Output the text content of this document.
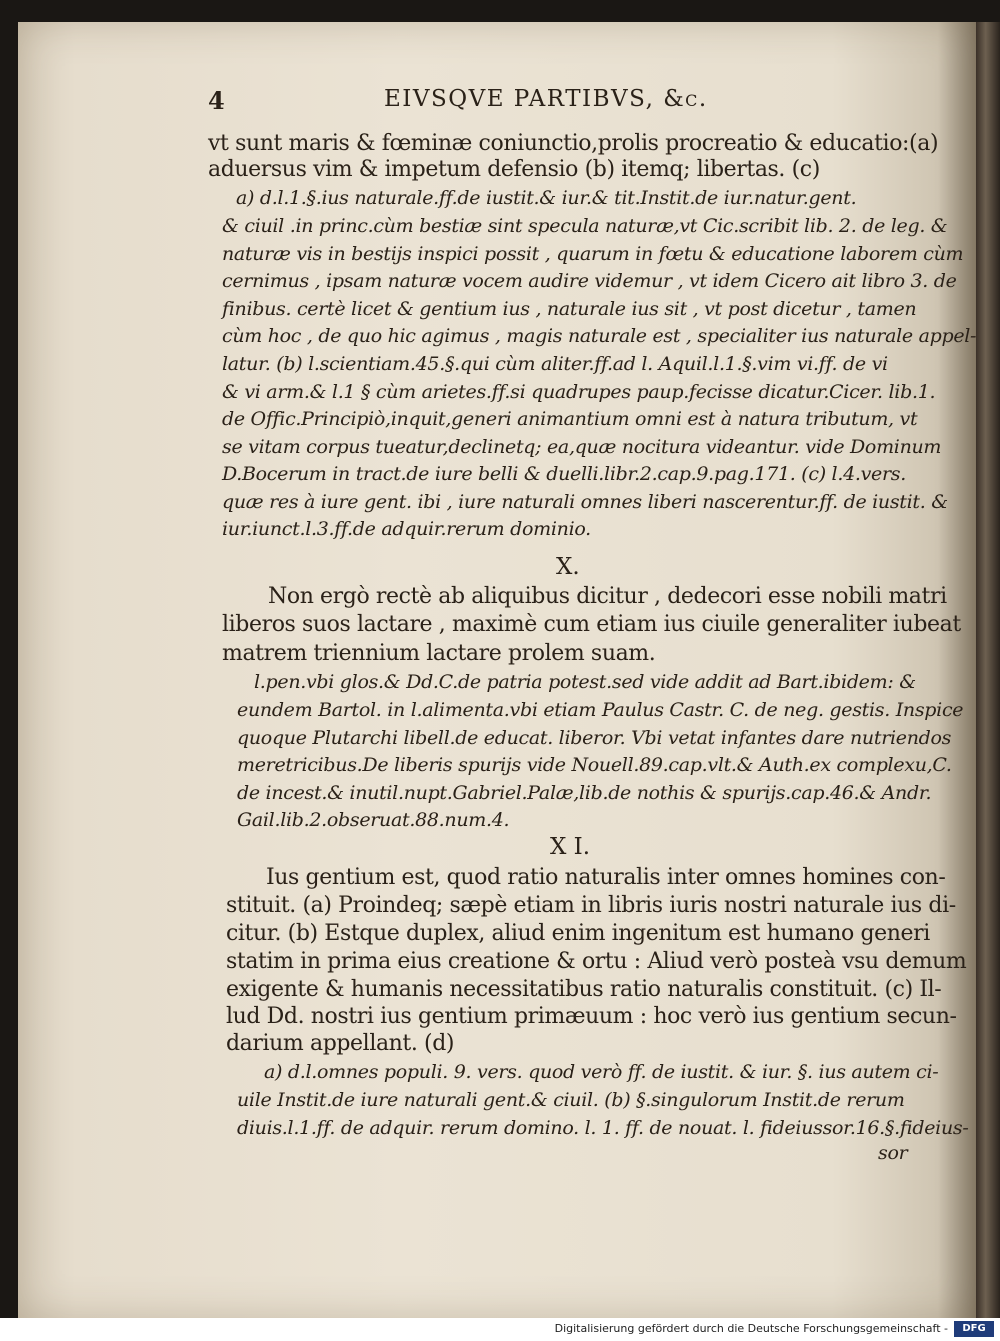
4	EIVSQVE PARTIBVS, &c.
vt sunt maris & fœminæ coniunctio,prolis procreatio & educatio:(a)
aduersus vim & impetum defensio (b) itemq; libertas. (c)
a) d.l.1.§.ius naturale.ff.de iustit.& iur.& tit.Instit.de iur.natur.gent.
& ciuil .in princ.cùm bestiæ sint specula naturæ,vt Cic.scribit lib. 2. de leg. &
naturæ vis in bestijs inspici possit , quarum in fœtu & educatione laborem cùm
cernimus , ipsam naturæ vocem audire videmur , vt idem Cicero ait libro 3. de
finibus. certè licet & gentium ius , naturale ius sit , vt post dicetur , tamen
cùm hoc , de quo hic agimus , magis naturale est , specialiter ius naturale appel-
latur. (b) l.scientiam.45.§.qui cùm aliter.ff.ad l. Aquil.l.1.§.vim vi.ff. de vi
& vi arm.& l.1 § cùm arietes.ff.si quadrupes paup.fecisse dicatur.Cicer. lib.1.
de Offic.Principiò,inquit,generi animantium omni est à natura tributum, vt
se vitam corpus tueatur,declinetq; ea,quæ nocitura videantur. vide Dominum
D.Bocerum in tract.de iure belli & duelli.libr.2.cap.9.pag.171. (c) l.4.vers.
quæ res à iure gent. ibi , iure naturali omnes liberi nascerentur.ff. de iustit. &
iur.iunct.l.3.ff.de adquir.rerum dominio.
X.
Non ergò rectè ab aliquibus dicitur , dedecori esse nobili matri
liberos suos lactare , maximè cum etiam ius ciuile generaliter iubeat
matrem triennium lactare prolem suam.
l.pen.vbi glos.& Dd.C.de patria potest.sed vide addit ad Bart.ibidem: &
eundem Bartol. in l.alimenta.vbi etiam Paulus Castr. C. de neg. gestis. Inspice
quoque Plutarchi libell.de educat. liberor. Vbi vetat infantes dare nutriendos
meretricibus.De liberis spurijs vide Nouell.89.cap.vlt.& Auth.ex complexu,C.
de incest.& inutil.nupt.Gabriel.Palæ,lib.de nothis & spurijs.cap.46.& Andr.
Gail.lib.2.obseruat.88.num.4.
X I.
Ius gentium est, quod ratio naturalis inter omnes homines con-
stituit. (a) Proindeq; sæpè etiam in libris iuris nostri naturale ius di-
citur. (b) Estque duplex, aliud enim ingenitum est humano generi
statim in prima eius creatione & ortu : Aliud verò posteà vsu demum
exigente & humanis necessitatibus ratio naturalis constituit. (c) Il-
lud Dd. nostri ius gentium primæuum : hoc verò ius gentium secun-
darium appellant. (d)
a) d.l.omnes populi. 9. vers. quod verò ff. de iustit. & iur. §. ius autem ci-
uile Instit.de iure naturali gent.& ciuil. (b) §.singulorum Instit.de rerum
diuis.l.1.ff. de adquir. rerum domino. l. 1. ff. de nouat. l. fideiussor.16.§.fideius-
sor
Digitalisierung gefördert durch die Deutsche Forschungsgemeinschaft -	DFG
